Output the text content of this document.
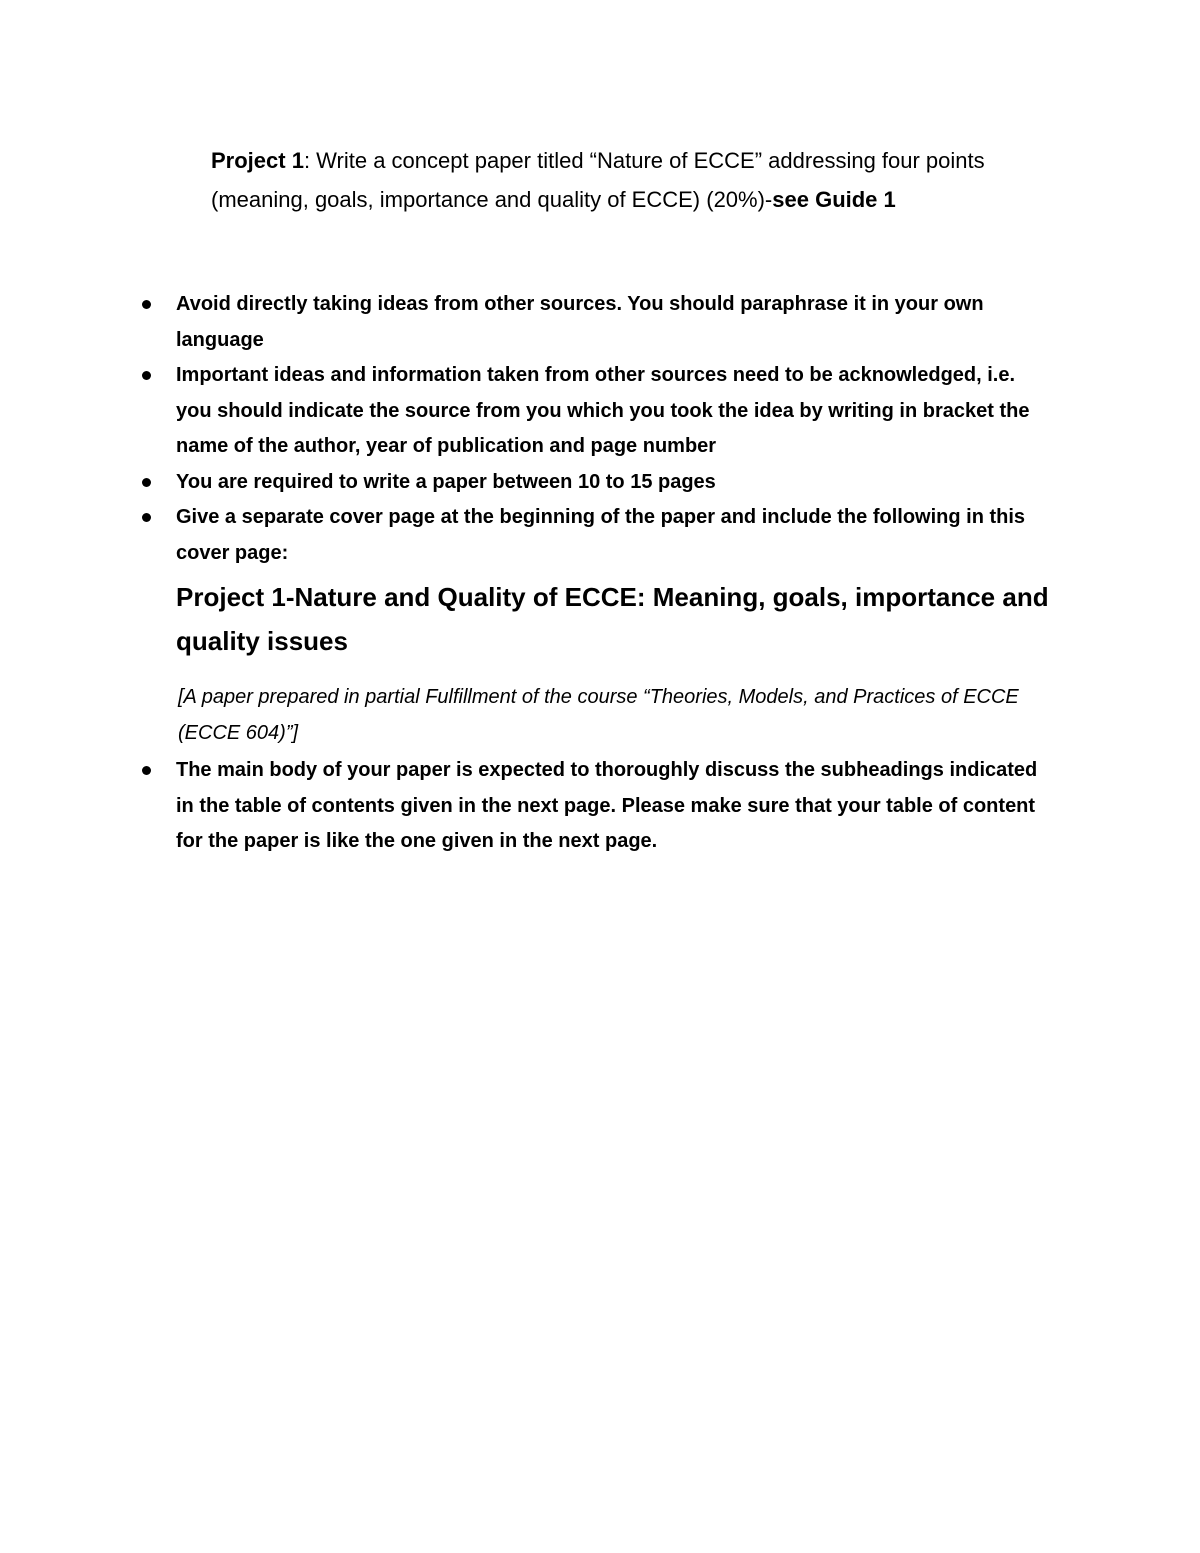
Project 1: Write a concept paper titled “Nature of ECCE” addressing four points (meaning, goals, importance and quality of ECCE) (20%)-see Guide 1

Avoid directly taking ideas from other sources. You should paraphrase it in your own language
Important ideas and information taken from other sources need to be acknowledged, i.e. you should indicate the source from you which you took the idea by writing in bracket the name of the author, year of publication and page number
You are required to write a paper between 10 to 15 pages
Give a separate cover page at the beginning of the paper and include the following in this cover page:
Project 1-Nature and Quality of ECCE: Meaning, goals, importance and quality issues
[A paper prepared in partial Fulfillment of the course “Theories, Models, and Practices of ECCE (ECCE 604)”]
The main body of your paper is expected to thoroughly discuss the subheadings indicated in the table of contents given in the next page. Please make sure that your table of content for the paper is like the one given in the next page.
